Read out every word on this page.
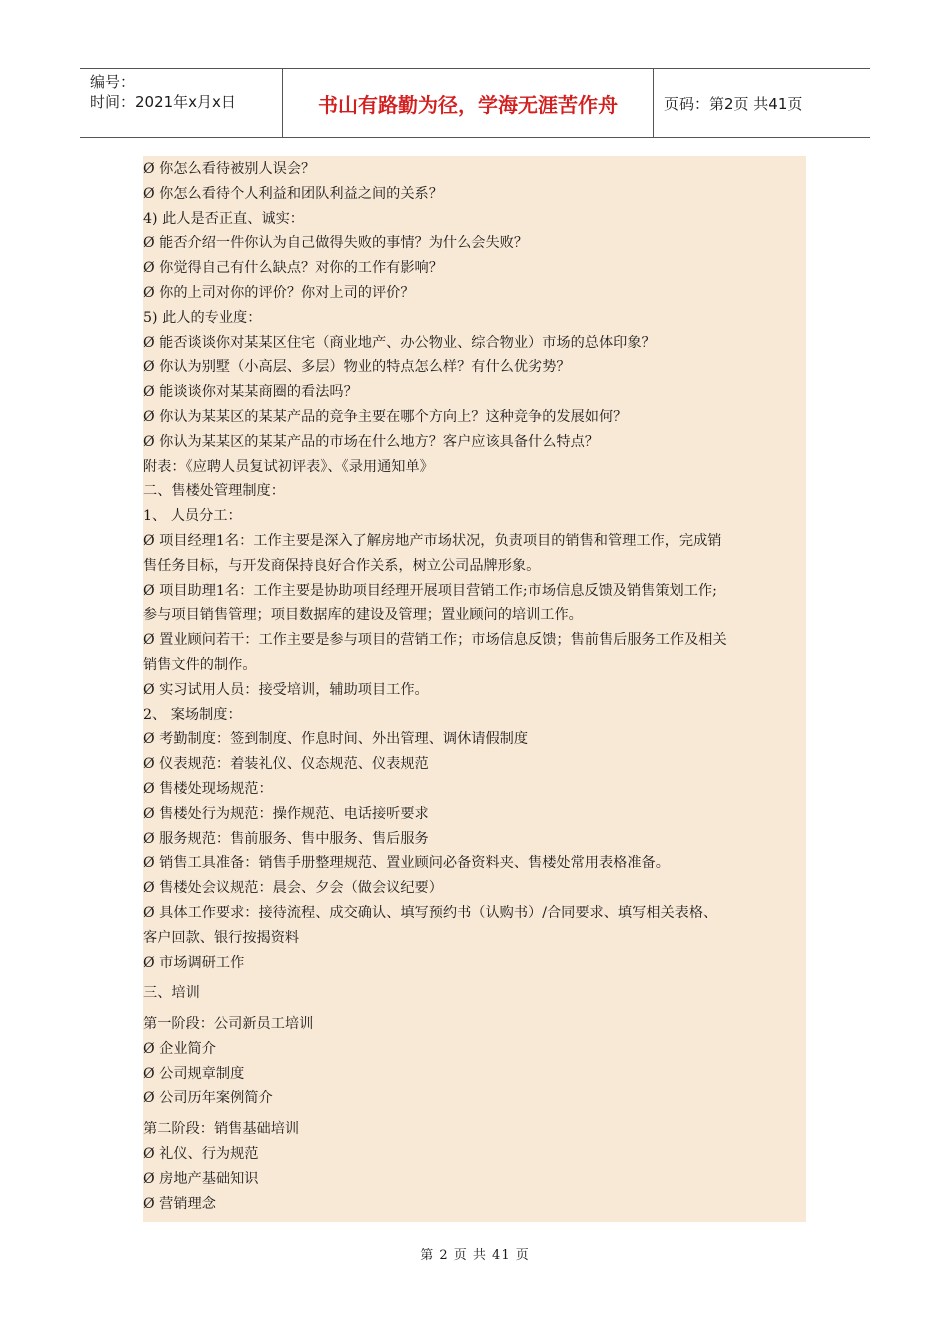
编号：
时间：2021年x月x日	书山有路勤为径，学海无涯苦作舟	页码：第2页 共41页
Ø 你怎么看待被别人误会？
Ø 你怎么看待个人利益和团队利益之间的关系？
4) 此人是否正直、诚实：
Ø 能否介绍一件你认为自己做得失败的事情？为什么会失败？
Ø 你觉得自己有什么缺点？对你的工作有影响？
Ø 你的上司对你的评价？你对上司的评价？
5) 此人的专业度：
Ø 能否谈谈你对某某区住宅（商业地产、办公物业、综合物业）市场的总体印象？
Ø 你认为别墅（小高层、多层）物业的特点怎么样？有什么优劣势？
Ø 能谈谈你对某某商圈的看法吗？
Ø 你认为某某区的某某产品的竞争主要在哪个方向上？这种竞争的发展如何？
Ø 你认为某某区的某某产品的市场在什么地方？客户应该具备什么特点？
附表：《应聘人员复试初评表》、《录用通知单》
二、售楼处管理制度：
1、 人员分工：
Ø 项目经理1名：工作主要是深入了解房地产市场状况，负责项目的销售和管理工作，完成销
售任务目标，与开发商保持良好合作关系，树立公司品牌形象。
Ø 项目助理1名：工作主要是协助项目经理开展项目营销工作;市场信息反馈及销售策划工作;
参与项目销售管理；项目数据库的建设及管理；置业顾问的培训工作。
Ø 置业顾问若干：工作主要是参与项目的营销工作；市场信息反馈；售前售后服务工作及相关
销售文件的制作。
Ø 实习试用人员：接受培训，辅助项目工作。
2、 案场制度：
Ø 考勤制度：签到制度、作息时间、外出管理、调休请假制度
Ø 仪表规范：着装礼仪、仪态规范、仪表规范
Ø 售楼处现场规范：
Ø 售楼处行为规范：操作规范、电话接听要求
Ø 服务规范：售前服务、售中服务、售后服务
Ø 销售工具准备：销售手册整理规范、置业顾问必备资料夹、售楼处常用表格准备。
Ø 售楼处会议规范：晨会、夕会（做会议纪要）
Ø 具体工作要求：接待流程、成交确认、填写预约书（认购书）/合同要求、填写相关表格、
客户回款、银行按揭资料
Ø 市场调研工作
三、培训
第一阶段：公司新员工培训
Ø 企业简介
Ø 公司规章制度
Ø 公司历年案例简介
第二阶段：销售基础培训
Ø 礼仪、行为规范
Ø 房地产基础知识
Ø 营销理念
第 2 页 共 41 页
